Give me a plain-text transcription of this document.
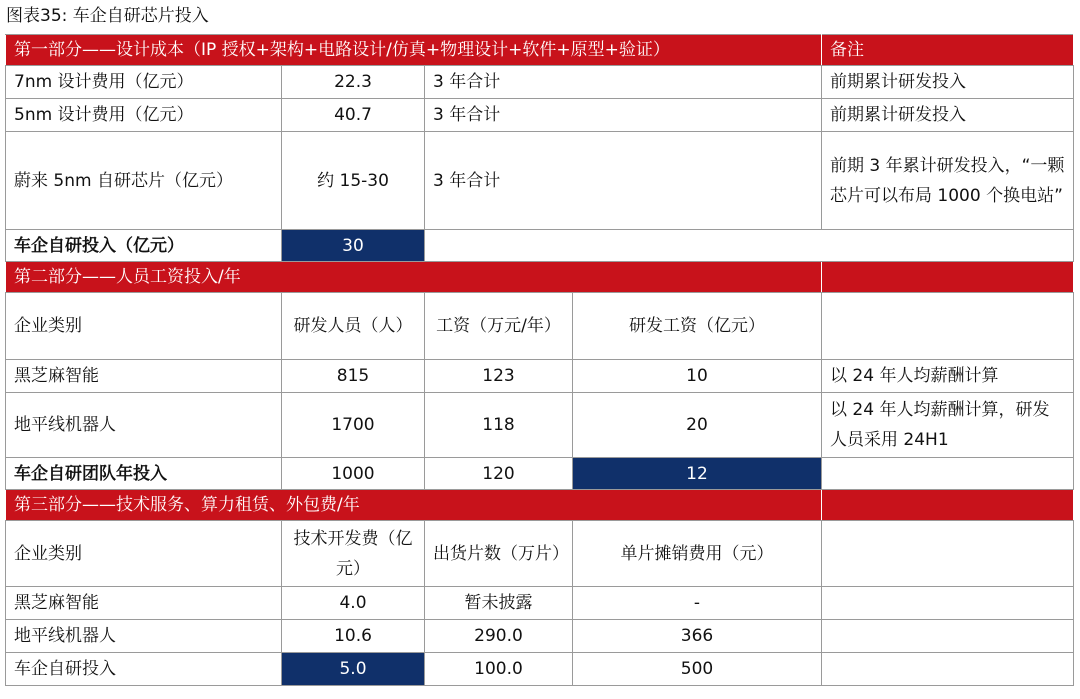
图表35: 车企自研芯片投入
第一部分——设计成本（IP 授权+架构+电路设计/仿真+物理设计+软件+原型+验证）				备注
7nm 设计费用（亿元）	22.3	3 年合计		前期累计研发投入
5nm 设计费用（亿元）	40.7	3 年合计		前期累计研发投入
蔚来 5nm 自研芯片（亿元）	约 15-30	3 年合计		前期 3 年累计研发投入，“一颗芯片可以布局 1000 个换电站”
车企自研投入（亿元）	30			
第二部分——人员工资投入/年				
企业类别	研发人员（人）	工资（万元/年）	研发工资（亿元）	
黑芝麻智能	815	123	10	以 24 年人均薪酬计算
地平线机器人	1700	118	20	以 24 年人均薪酬计算，研发人员采用 24H1
车企自研团队年投入	1000	120	12	
第三部分——技术服务、算力租赁、外包费/年				
企业类别	技术开发费（亿元）	出货片数（万片）	单片摊销费用（元）	
黑芝麻智能	4.0	暂未披露	-	
地平线机器人	10.6	290.0	366	
车企自研投入	5.0	100.0	500	
